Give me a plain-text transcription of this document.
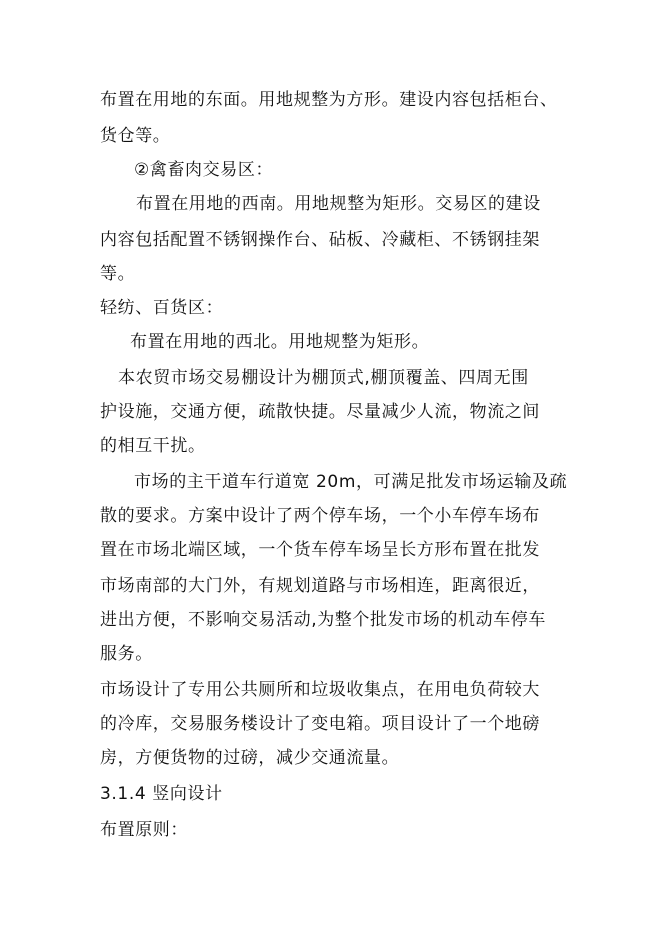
布置在用地的东面。用地规整为方形。建设内容包括柜台、
货仓等。
②禽畜肉交易区：
布置在用地的西南。用地规整为矩形。交易区的建设
内容包括配置不锈钢操作台、砧板、冷藏柜、不锈钢挂架
等。
轻纺、百货区：
布置在用地的西北。用地规整为矩形。
本农贸市场交易棚设计为棚顶式,棚顶覆盖、四周无围
护设施，交通方便，疏散快捷。尽量减少人流，物流之间
的相互干扰。
市场的主干道车行道宽 20m，可满足批发市场运输及疏
散的要求。方案中设计了两个停车场，一个小车停车场布
置在市场北端区域，一个货车停车场呈长方形布置在批发
市场南部的大门外，有规划道路与市场相连，距离很近，
进出方便，不影响交易活动,为整个批发市场的机动车停车
服务。
市场设计了专用公共厕所和垃圾收集点，在用电负荷较大
的冷库，交易服务楼设计了变电箱。项目设计了一个地磅
房，方便货物的过磅，减少交通流量。
3.1.4 竖向设计
布置原则：
